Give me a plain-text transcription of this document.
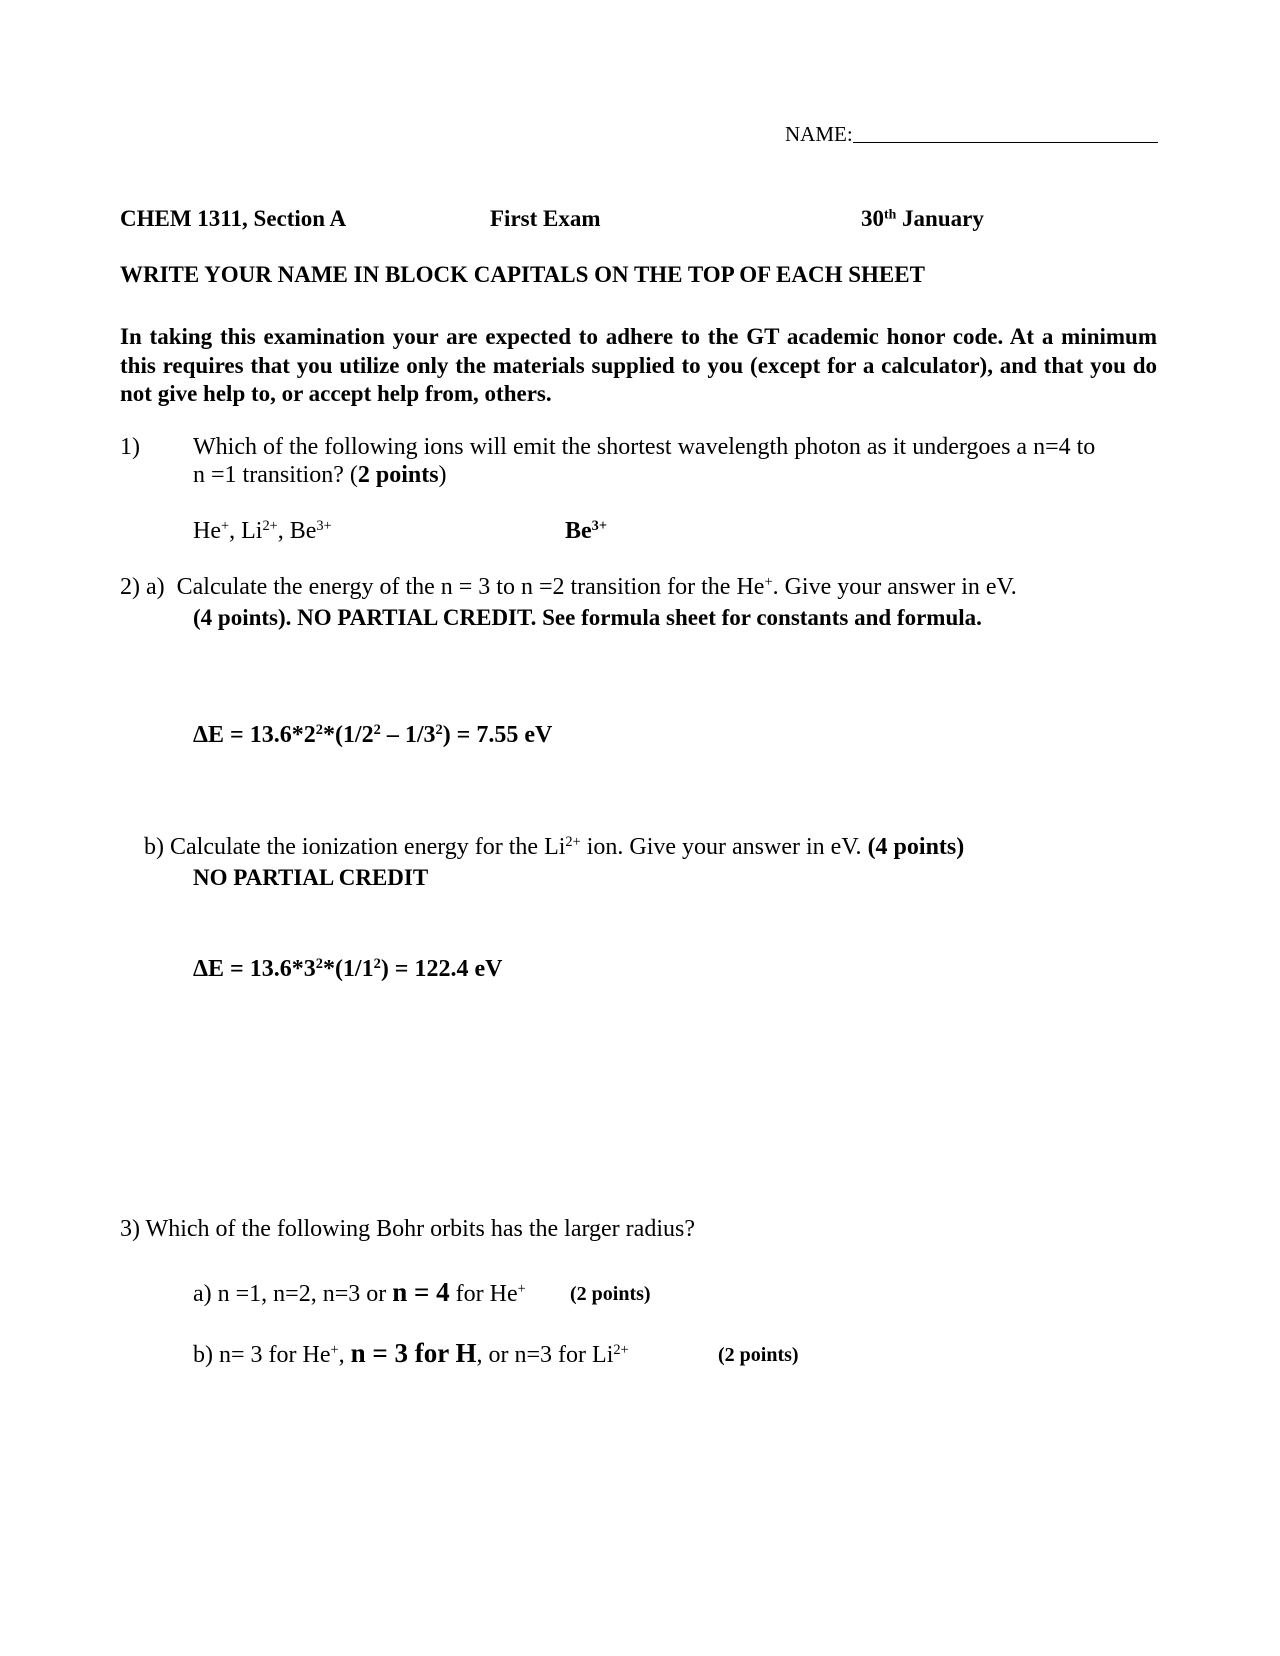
NAME:
CHEM 1311, Section A	First Exam	30th January
WRITE YOUR NAME IN BLOCK CAPITALS ON THE TOP OF EACH SHEET
In taking this examination your are expected to adhere to the GT academic honor code. At a minimum this requires that you utilize only the materials supplied to you (except for a calculator), and that you do not give help to, or accept help from, others.
1) Which of the following ions will emit the shortest wavelength photon as it undergoes a n=4 to
n =1 transition? (2 points)
He+, $Li^{2+}$, $Be^{3+}$	$Be^{3+}$
2) a) Calculate the energy of the n = 3 to n =2 transition for the He+. Give your answer in eV.
(4 points). NO PARTIAL CREDIT. See formula sheet for constants and formula.
$\Delta E = 13.6*2^2*(1/2^2 - 1/3^2) = 7.55$ eV
b) Calculate the ionization energy for the $Li^{2+}$ ion. Give your answer in eV. (4 points)
NO PARTIAL CREDIT
$\Delta E = 13.6*3^2*(1/1^2) = 122.4$ eV
3) Which of the following Bohr orbits has the larger radius?
a) n =1, n=2, n=3 or n = 4 for He+ (2 points)
b) n= 3 for He+, n = 3 for H, or n=3 for $Li^{2+}$	(2 points)
